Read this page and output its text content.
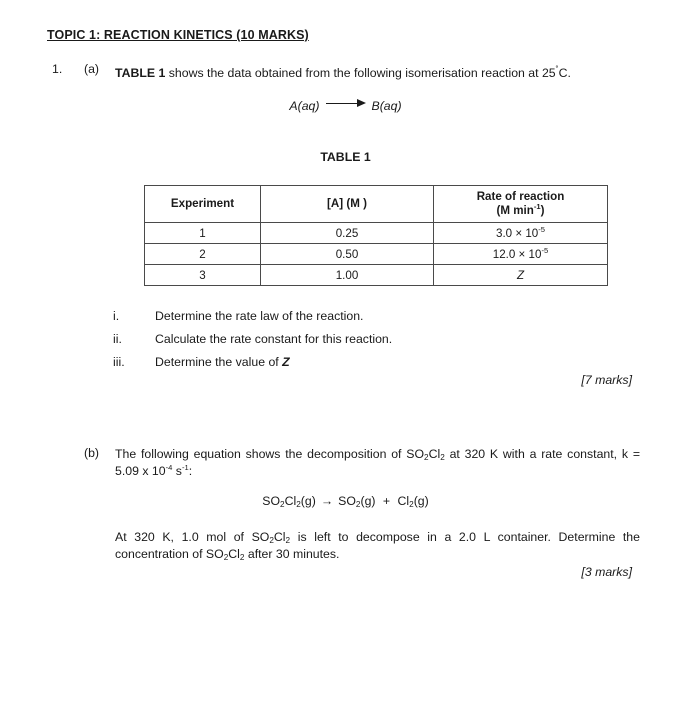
TOPIC 1: REACTION KINETICS (10 MARKS)
1. (a) TABLE 1 shows the data obtained from the following isomerisation reaction at 25˚C.
A(aq)	B(aq)
TABLE 1
Experiment	[A] (M )	Rate of reaction
(M $\min^{-1}$)
1	0.25	$3.0 \times 10^{-5}$
2	0.50	$12.0 \times 10^{-5}$
3	1.00	Z
i.	Determine the rate law of the reaction.
ii.	Calculate the rate constant for this reaction.
iii.	Determine the value of Z
[7 marks]
(b) The following equation shows the decomposition of $SO_2Cl_2$ at 320 K with a rate constant, k = 5.09 x $10^{-4}$ $s^{-1}$:
$SO_2Cl_2(g) \to SO_2(g) + Cl_2(g)$
At 320 K, 1.0 mol of $SO_2Cl_2$ is left to decompose in a 2.0 L container. Determine the concentration of $SO_2Cl_2$ after 30 minutes.
[3 marks]
